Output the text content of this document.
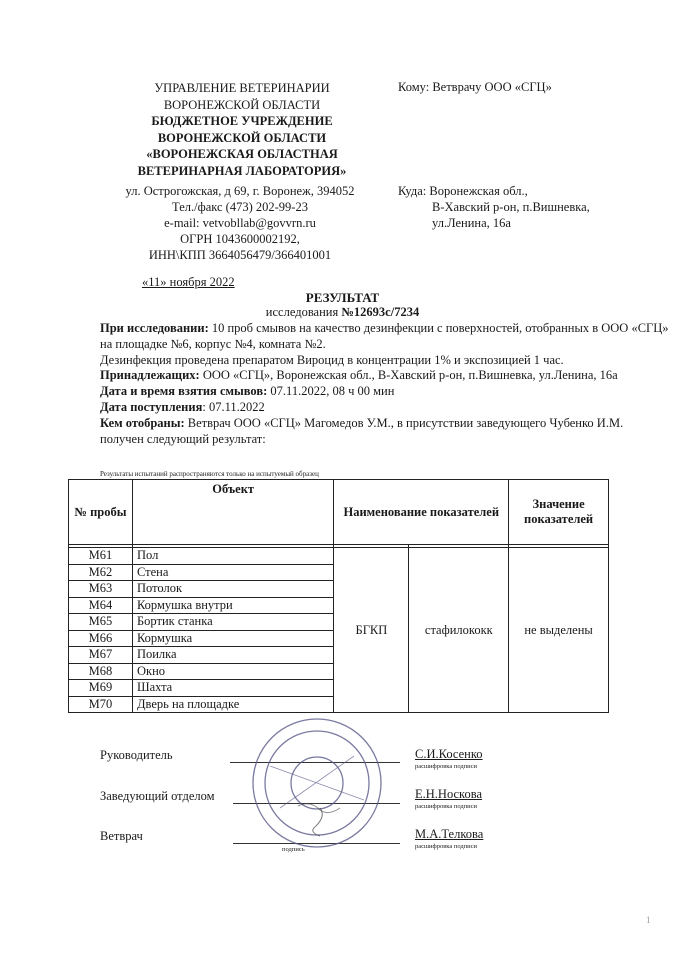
УПРАВЛЕНИЕ ВЕТЕРИНАРИИ
ВОРОНЕЖСКОЙ ОБЛАСТИ
БЮДЖЕТНОЕ УЧРЕЖДЕНИЕ
ВОРОНЕЖСКОЙ ОБЛАСТИ
«ВОРОНЕЖСКАЯ ОБЛАСТНАЯ
ВЕТЕРИНАРНАЯ ЛАБОРАТОРИЯ»
Кому: Ветврачу ООО «СГЦ»
ул. Острогожская, д 69, г. Воронеж, 394052
Тел./факс (473) 202-99-23
e-mail: vetvobllab@govvrn.ru
ОГРН 1043600002192,
ИНН\КПП 3664056479/366401001
Куда: Воронежская обл.,
В-Хавский р-он, п.Вишневка,
ул.Ленина, 16а
«11» ноября 2022
РЕЗУЛЬТАТ
исследования №12693с/7234
При исследовании: 10 проб смывов на качество дезинфекции с поверхностей, отобранных в ООО «СГЦ» на площадке №6, корпус №4, комната №2.
Дезинфекция проведена препаратом Вироцид в концентрации 1% и экспозицией 1 час.
Принадлежащих: ООО «СГЦ», Воронежская обл., В-Хавский р-он, п.Вишневка, ул.Ленина, 16а
Дата и время взятия смывов: 07.11.2022, 08 ч 00 мин
Дата поступления: 07.11.2022
Кем отобраны: Ветврач ООО «СГЦ» Магомедов У.М., в присутствии заведующего Чубенко И.М.
получен следующий результат:
Результаты испытаний распространяются только на испытуемый образец
№ пробы	Объект	Наименование показателей		Значение показателей

М61	Пол	БГКП	стафилококк	не выделены
М62	Стена			
М63	Потолок			
М64	Кормушка внутри			
М65	Бортик станка			
М66	Кормушка			
М67	Поилка			
М68	Окно			
М69	Шахта			
М70	Дверь на площадке			
Руководитель
Заведующий отделом
Ветврач
подпись
С.И.Косенко
расшифровка подписи
Е.Н.Носкова
расшифровка подписи
М.А.Телкова
расшифровка подписи
1
